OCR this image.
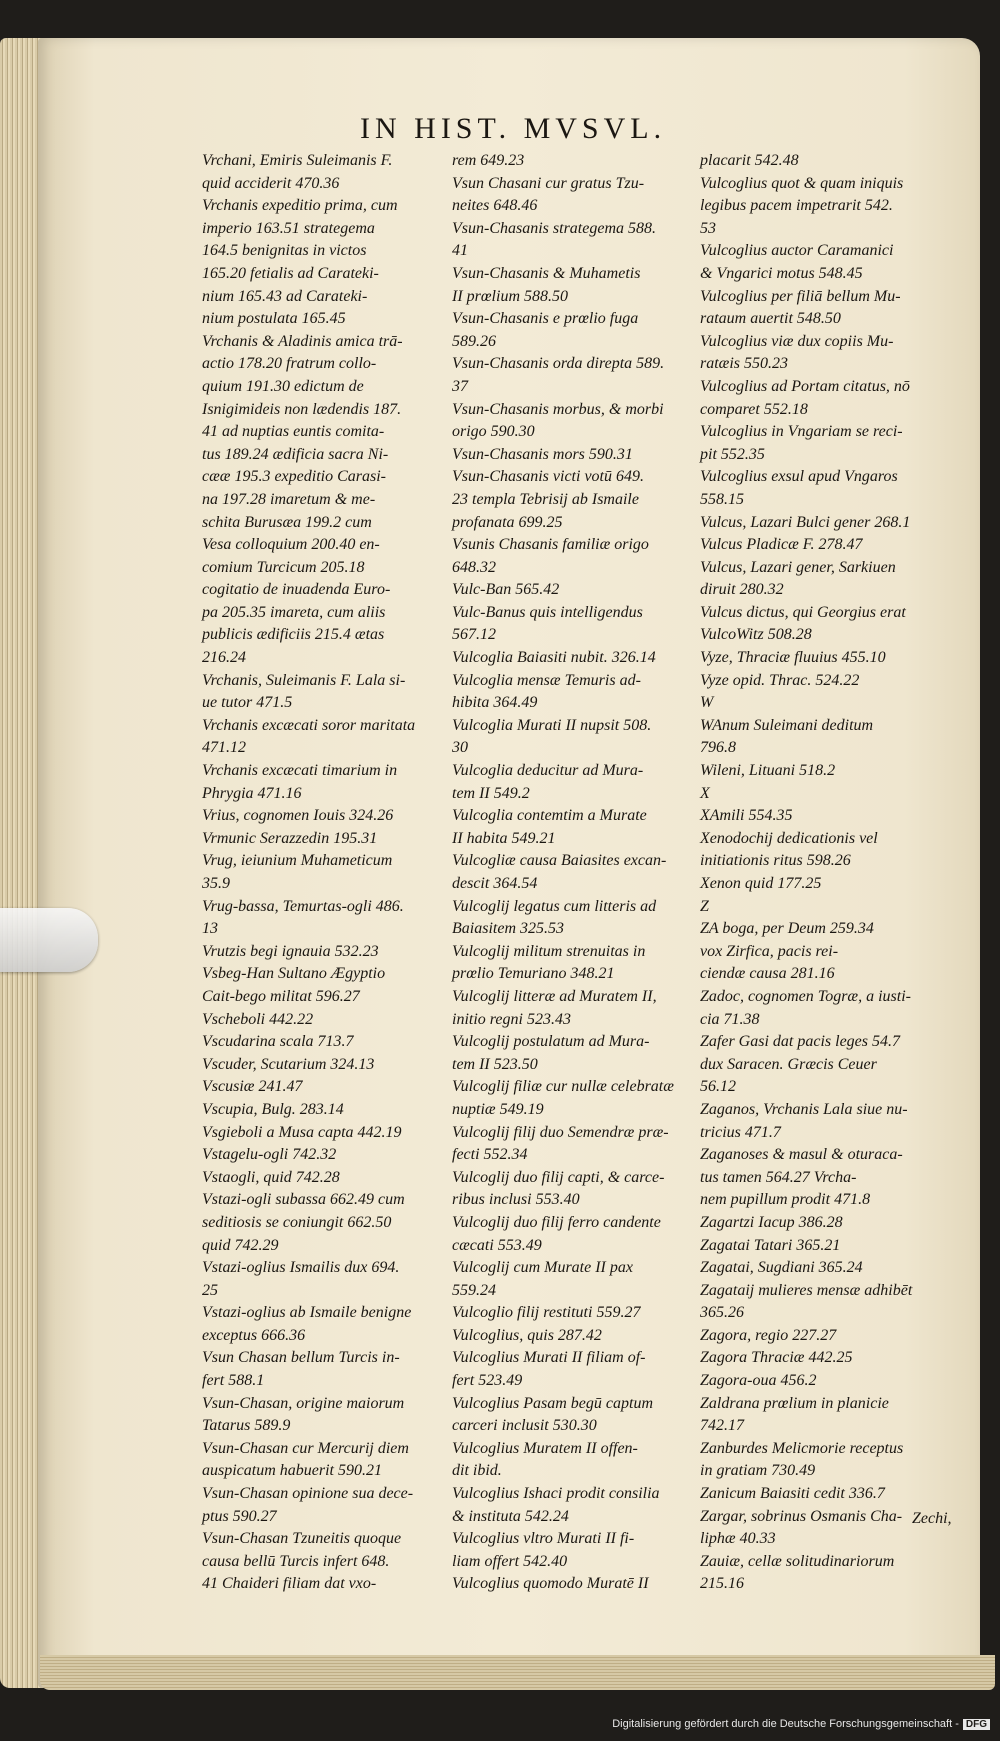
IN HIST. MVSVL.
Vrchani, Emiris Suleimanis F.
quid acciderit 470.36
Vrchanis expeditio prima, cum
imperio 163.51 strategema
164.5 benignitas in victos
165.20 fetialis ad Carateki-
nium 165.43 ad Carateki-
nium postulata 165.45
Vrchanis & Aladinis amica trā-
actio 178.20 fratrum collo-
quium 191.30 edictum de
Isnigimideis non lædendis 187.
41 ad nuptias euntis comita-
tus 189.24 ædificia sacra Ni-
cææ 195.3 expeditio Carasi-
na 197.28 imaretum & me-
schita Burusæa 199.2 cum
Vesa colloquium 200.40 en-
comium Turcicum 205.18
cogitatio de inuadenda Euro-
pa 205.35 imareta, cum aliis
publicis ædificiis 215.4 ætas
216.24
Vrchanis, Suleimanis F. Lala si-
ue tutor 471.5
Vrchanis excæcati soror maritata
471.12
Vrchanis excæcati timarium in
Phrygia 471.16
Vrius, cognomen Iouis 324.26
Vrmunic Serazzedin 195.31
Vrug, ieiunium Muhameticum
35.9
Vrug-bassa, Temurtas-ogli 486.
13
Vrutzis begi ignauia 532.23
Vsbeg-Han Sultano Ægyptio
Cait-bego militat 596.27
Vscheboli 442.22
Vscudarina scala 713.7
Vscuder, Scutarium 324.13
Vscusiæ 241.47
Vscupia, Bulg. 283.14
Vsgieboli a Musa capta 442.19
Vstagelu-ogli 742.32
Vstaogli, quid 742.28
Vstazi-ogli subassa 662.49 cum
seditiosis se coniungit 662.50
quid 742.29
Vstazi-oglius Ismailis dux 694.
25
Vstazi-oglius ab Ismaile benigne
exceptus 666.36
Vsun Chasan bellum Turcis in-
fert 588.1
Vsun-Chasan, origine maiorum
Tatarus 589.9
Vsun-Chasan cur Mercurij diem
auspicatum habuerit 590.21
Vsun-Chasan opinione sua dece-
ptus 590.27
Vsun-Chasan Tzuneitis quoque
causa bellū Turcis infert 648.
41 Chaideri filiam dat vxo-
rem 649.23
Vsun Chasani cur gratus Tzu-
neites 648.46
Vsun-Chasanis strategema 588.
41
Vsun-Chasanis & Muhametis
II prœlium 588.50
Vsun-Chasanis e prœlio fuga
589.26
Vsun-Chasanis orda direpta 589.
37
Vsun-Chasanis morbus, & morbi
origo 590.30
Vsun-Chasanis mors 590.31
Vsun-Chasanis victi votū 649.
23 templa Tebrisij ab Ismaile
profanata 699.25
Vsunis Chasanis familiæ origo
648.32
Vulc-Ban 565.42
Vulc-Banus quis intelligendus
567.12
Vulcoglia Baiasiti nubit. 326.14
Vulcoglia mensæ Temuris ad-
hibita 364.49
Vulcoglia Murati II nupsit 508.
30
Vulcoglia deducitur ad Mura-
tem II 549.2
Vulcoglia contemtim a Murate
II habita 549.21
Vulcogliæ causa Baiasites excan-
descit 364.54
Vulcoglij legatus cum litteris ad
Baiasitem 325.53
Vulcoglij militum strenuitas in
prœlio Temuriano 348.21
Vulcoglij litteræ ad Muratem II,
initio regni 523.43
Vulcoglij postulatum ad Mura-
tem II 523.50
Vulcoglij filiæ cur nullæ celebratæ
nuptiæ 549.19
Vulcoglij filij duo Semendræ præ-
fecti 552.34
Vulcoglij duo filij capti, & carce-
ribus inclusi 553.40
Vulcoglij duo filij ferro candente
cæcati 553.49
Vulcoglij cum Murate II pax
559.24
Vulcoglio filij restituti 559.27
Vulcoglius, quis 287.42
Vulcoglius Murati II filiam of-
fert 523.49
Vulcoglius Pasam begū captum
carceri inclusit 530.30
Vulcoglius Muratem II offen-
dit ibid.
Vulcoglius Ishaci prodit consilia
& instituta 542.24
Vulcoglius vltro Murati II fi-
liam offert 542.40
Vulcoglius quomodo Muratē II
placarit 542.48
Vulcoglius quot & quam iniquis
legibus pacem impetrarit 542.
53
Vulcoglius auctor Caramanici
& Vngarici motus 548.45
Vulcoglius per filiā bellum Mu-
rataum auertit 548.50
Vulcoglius viæ dux copiis Mu-
ratæis 550.23
Vulcoglius ad Portam citatus, nō
comparet 552.18
Vulcoglius in Vngariam se reci-
pit 552.35
Vulcoglius exsul apud Vngaros
558.15
Vulcus, Lazari Bulci gener 268.1
Vulcus Pladicæ F. 278.47
Vulcus, Lazari gener, Sarkiuen
diruit 280.32
Vulcus dictus, qui Georgius erat
VulcoWitz 508.28
Vyze, Thraciæ fluuius 455.10
Vyze opid. Thrac. 524.22
W
WAnum Suleimani deditum
796.8
Wileni, Lituani 518.2
X
XAmili 554.35
Xenodochij dedicationis vel
initiationis ritus 598.26
Xenon quid 177.25
Z
ZA boga, per Deum 259.34
vox Zirfica, pacis rei-
ciendæ causa 281.16
Zadoc, cognomen Togræ, a iusti-
cia 71.38
Zafer Gasi dat pacis leges 54.7
dux Saracen. Græcis Ceuer
56.12
Zaganos, Vrchanis Lala siue nu-
tricius 471.7
Zaganoses & masul & oturaca-
tus tamen 564.27 Vrcha-
nem pupillum prodit 471.8
Zagartzi Iacup 386.28
Zagatai Tatari 365.21
Zagatai, Sugdiani 365.24
Zagataij mulieres mensæ adhibēt
365.26
Zagora, regio 227.27
Zagora Thraciæ 442.25
Zagora-oua 456.2
Zaldrana prœlium in planicie
742.17
Zanburdes Melicmorie receptus
in gratiam 730.49
Zanicum Baiasiti cedit 336.7
Zargar, sobrinus Osmanis Cha-
liphæ 40.33
Zauiæ, cellæ solitudinariorum
215.16
Zechi,
Digitalisierung gefördert durch die Deutsche Forschungsgemeinschaft - DFG
